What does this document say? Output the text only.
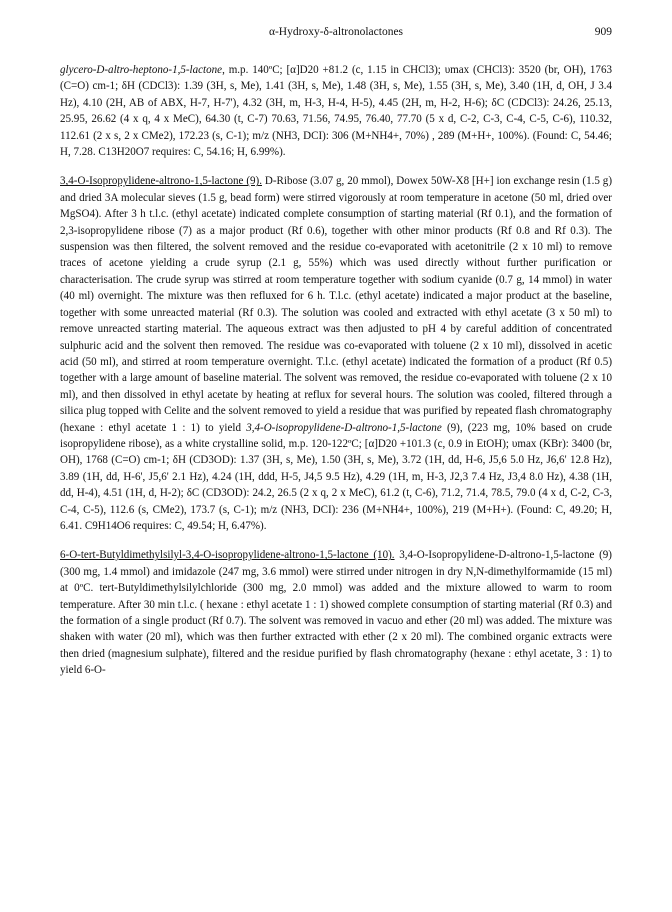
α-Hydroxy-δ-altronolactones	909

glycero-D-altro-heptono-1,5-lactone, m.p. 140ºC; [α]D20 +81.2 (c, 1.15 in CHCl3); υmax (CHCl3): 3520 (br, OH), 1763 (C=O) cm-1; δH (CDCl3): 1.39 (3H, s, Me), 1.41 (3H, s, Me), 1.48 (3H, s, Me), 1.55 (3H, s, Me), 3.40 (1H, d, OH, J 3.4 Hz), 4.10 (2H, AB of ABX, H-7, H-7'), 4.32 (3H, m, H-3, H-4, H-5), 4.45 (2H, m, H-2, H-6); δC (CDCl3): 24.26, 25.13, 25.95, 26.62 (4 x q, 4 x MeC), 64.30 (t, C-7) 70.63, 71.56, 74.95, 76.40, 77.70 (5 x d, C-2, C-3, C-4, C-5, C-6), 110.32, 112.61 (2 x s, 2 x CMe2), 172.23 (s, C-1); m/z (NH3, DCI): 306 (M+NH4+, 70%) , 289 (M+H+, 100%). (Found: C, 54.46; H, 7.28. C13H20O7 requires: C, 54.16; H, 6.99%).

3,4-O-Isopropylidene-altrono-1,5-lactone (9). D-Ribose (3.07 g, 20 mmol), Dowex 50W-X8 [H+] ion exchange resin (1.5 g) and dried 3A molecular sieves (1.5 g, bead form) were stirred vigorously at room temperature in acetone (50 ml, dried over MgSO4). After 3 h t.l.c. (ethyl acetate) indicated complete consumption of starting material (Rf 0.1), and the formation of 2,3-isopropylidene ribose (7) as a major product (Rf 0.6), together with other minor products (Rf 0.8 and Rf 0.3). The suspension was then filtered, the solvent removed and the residue co-evaporated with acetonitrile (2 x 10 ml) to remove traces of acetone yielding a crude syrup (2.1 g, 55%) which was used directly without further purification or characterisation. The crude syrup was stirred at room temperature together with sodium cyanide (0.7 g, 14 mmol) in water (40 ml) overnight. The mixture was then refluxed for 6 h. T.l.c. (ethyl acetate) indicated a major product at the baseline, together with some unreacted material (Rf 0.3). The solution was cooled and extracted with ethyl acetate (3 x 50 ml) to remove unreacted starting material. The aqueous extract was then adjusted to pH 4 by careful addition of concentrated sulphuric acid and the solvent then removed. The residue was co-evaporated with toluene (2 x 10 ml), dissolved in acetic acid (50 ml), and stirred at room temperature overnight. T.l.c. (ethyl acetate) indicated the formation of a product (Rf 0.5) together with a large amount of baseline material. The solvent was removed, the residue co-evaporated with toluene (2 x 10 ml), and then dissolved in ethyl acetate by heating at reflux for several hours. The solution was cooled, filtered through a silica plug topped with Celite and the solvent removed to yield a residue that was purified by repeated flash chromatography (hexane : ethyl acetate 1 : 1) to yield 3,4-O-isopropylidene-D-altrono-1,5-lactone (9), (223 mg, 10% based on crude isopropylidene ribose), as a white crystalline solid, m.p. 120-122ºC; [α]D20 +101.3 (c, 0.9 in EtOH); υmax (KBr): 3400 (br, OH), 1768 (C=O) cm-1; δH (CD3OD): 1.37 (3H, s, Me), 1.50 (3H, s, Me), 3.72 (1H, dd, H-6, J5,6 5.0 Hz, J6,6' 12.8 Hz), 3.89 (1H, dd, H-6', J5,6' 2.1 Hz), 4.24 (1H, ddd, H-5, J4,5 9.5 Hz), 4.29 (1H, m, H-3, J2,3 7.4 Hz, J3,4 8.0 Hz), 4.38 (1H, dd, H-4), 4.51 (1H, d, H-2); δC (CD3OD): 24.2, 26.5 (2 x q, 2 x MeC), 61.2 (t, C-6), 71.2, 71.4, 78.5, 79.0 (4 x d, C-2, C-3, C-4, C-5), 112.6 (s, CMe2), 173.7 (s, C-1); m/z (NH3, DCI): 236 (M+NH4+, 100%), 219 (M+H+). (Found: C, 49.20; H, 6.41. C9H14O6 requires: C, 49.54; H, 6.47%).

6-O-tert-Butyldimethylsilyl-3,4-O-isopropylidene-altrono-1,5-lactone (10). 3,4-O-Isopropylidene-D-altrono-1,5-lactone (9) (300 mg, 1.4 mmol) and imidazole (247 mg, 3.6 mmol) were stirred under nitrogen in dry N,N-dimethylformamide (15 ml) at 0ºC. tert-Butyldimethylsilylchloride (300 mg, 2.0 mmol) was added and the mixture allowed to warm to room temperature. After 30 min t.l.c. ( hexane : ethyl acetate 1 : 1) showed complete consumption of starting material (Rf 0.3) and the formation of a single product (Rf 0.7). The solvent was removed in vacuo and ether (20 ml) was added. The mixture was shaken with water (20 ml), which was then further extracted with ether (2 x 20 ml). The combined organic extracts were then dried (magnesium sulphate), filtered and the residue purified by flash chromatography (hexane : ethyl acetate, 3 : 1) to yield 6-O-
